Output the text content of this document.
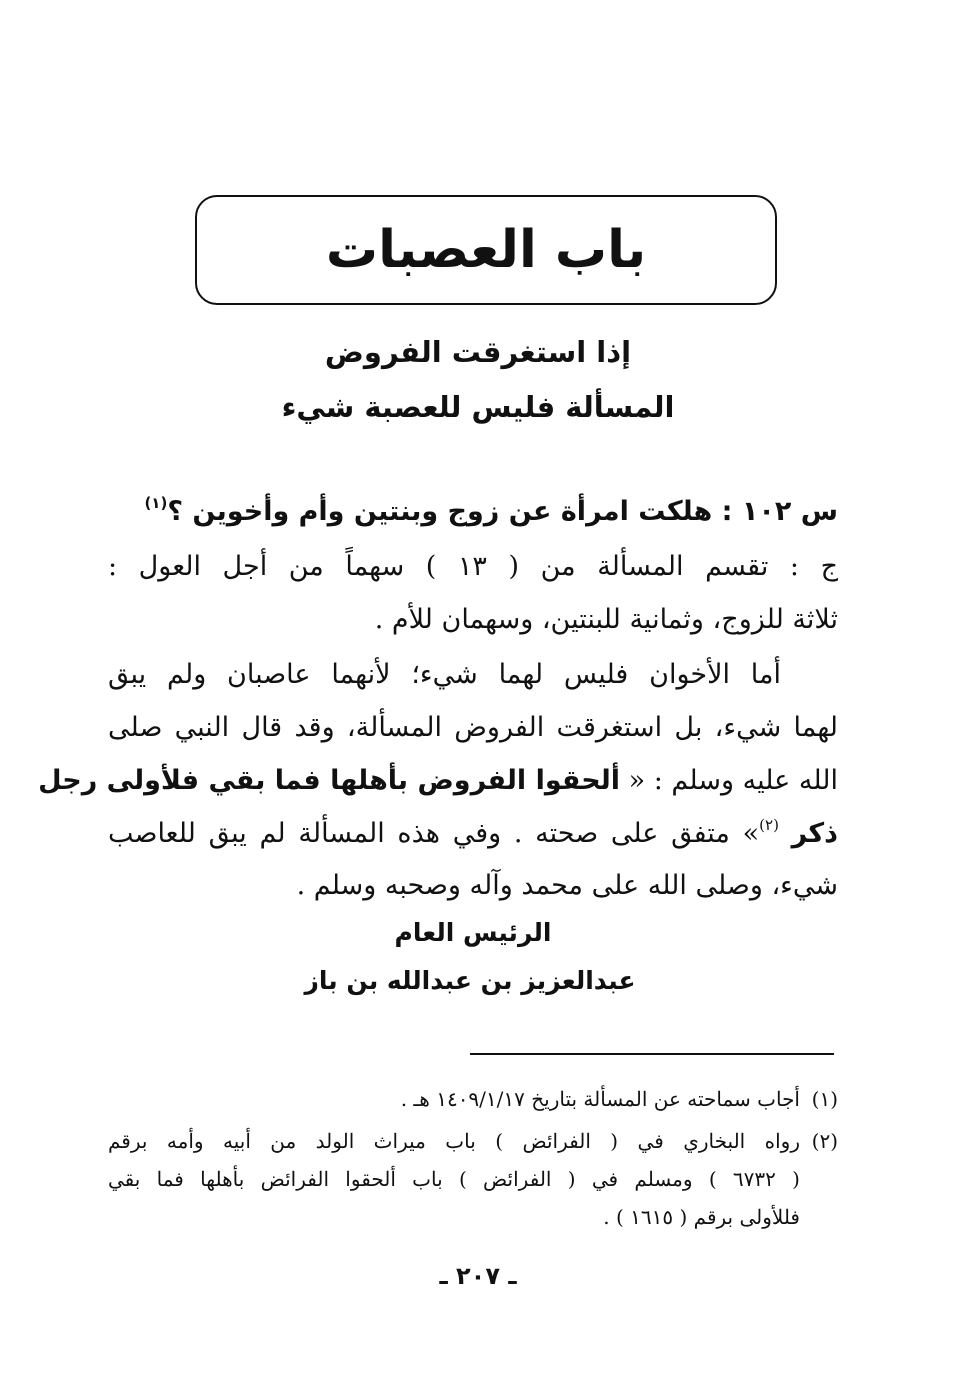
باب العصبات
إذا استغرقت الفروض
المسألة فليس للعصبة شيء
س ١٠٢ : هلكت امرأة عن زوج وبنتين وأم وأخوين ؟$^{(١)}$
ج : تقسم المسألة من ( ١٣ ) سهماً من أجل العول :
ثلاثة للزوج، وثمانية للبنتين، وسهمان للأم .
أما الأخوان فليس لهما شيء؛ لأنهما عاصبان ولم يبق
لهما شيء، بل استغرقت الفروض المسألة، وقد قال النبي صلى
الله عليه وسلم : « ألحقوا الفروض بأهلها فما بقي فلأولى رجل
ذكر $^{(٢)}$» متفق على صحته . وفي هذه المسألة لم يبق للعاصب
شيء، وصلى الله على محمد وآله وصحبه وسلم .
الرئيس العام
عبدالعزيز بن عبدالله بن باز
(١)أجاب سماحته عن المسألة بتاريخ ١٤٠٩/١/١٧ هـ .
(٢)رواه البخاري في ( الفرائض ) باب ميراث الولد من أبيه وأمه برقم
( ٦٧٣٢ ) ومسلم في ( الفرائض ) باب ألحقوا الفرائض بأهلها فما بقي
فللأولى برقم ( ١٦١٥ ) .
ـ ٢٠٧ ـ
